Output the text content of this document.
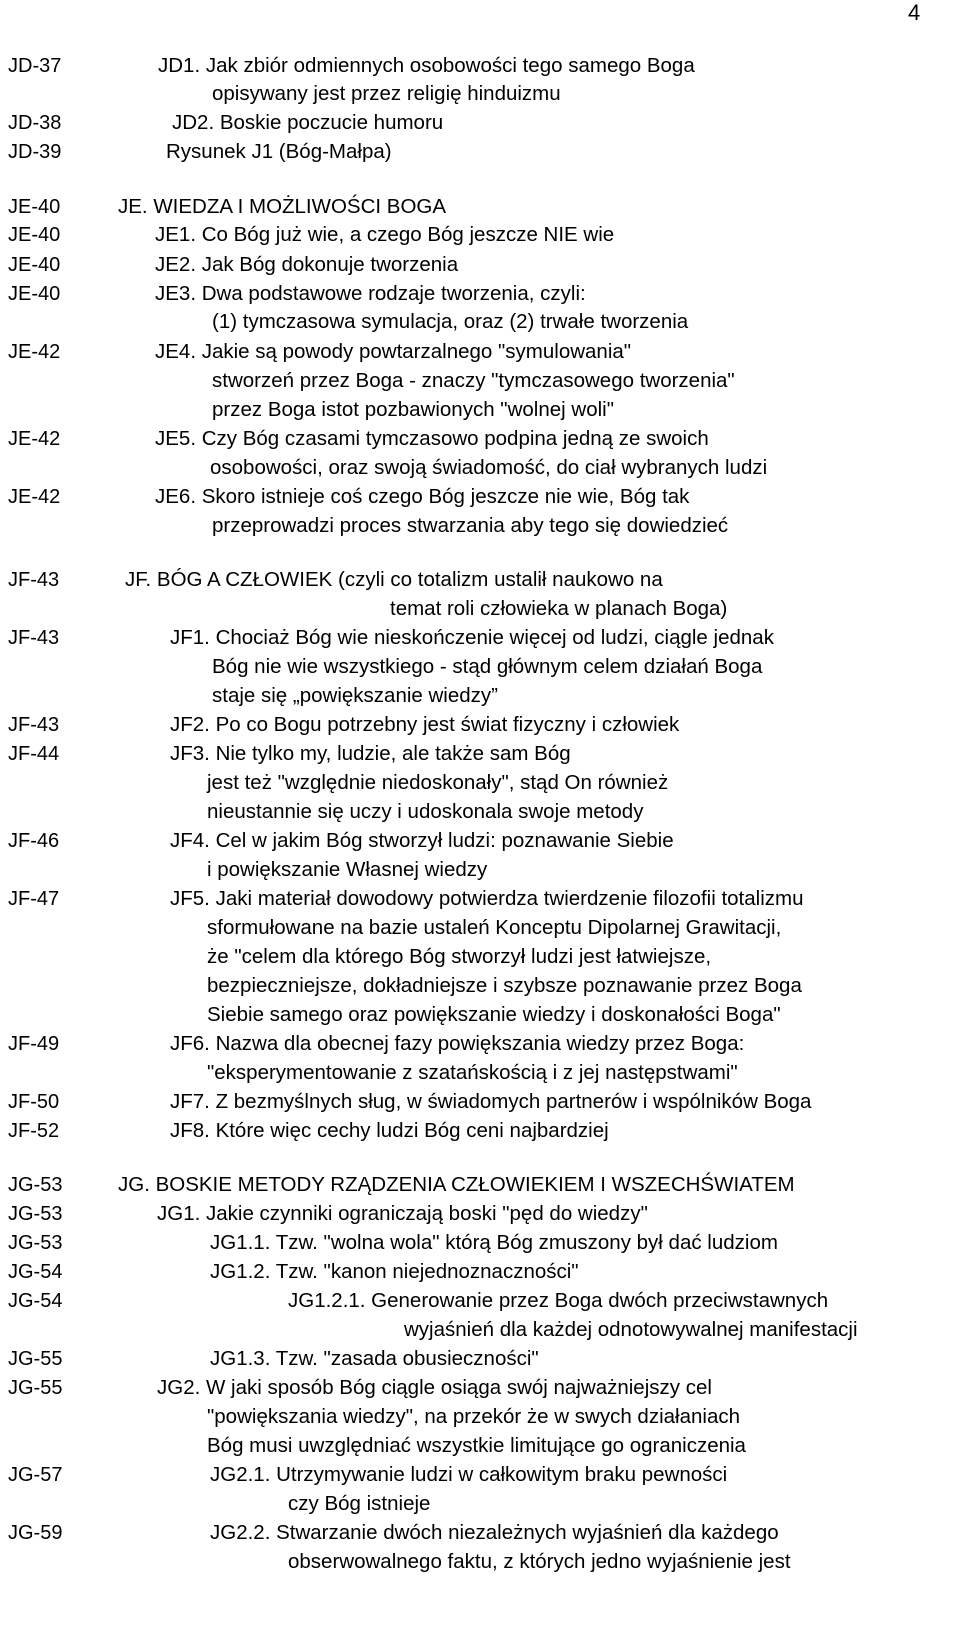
4
JD-37	JD1. Jak zbiór odmiennych osobowości tego samego Boga
opisywany jest przez religię hinduizmu
JD-38	JD2. Boskie poczucie humoru
JD-39	Rysunek J1 (Bóg-Małpa)
JE-40	JE. WIEDZA I MOŻLIWOŚCI BOGA
JE-40	JE1. Co Bóg już wie, a czego Bóg jeszcze NIE wie
JE-40	JE2. Jak Bóg dokonuje tworzenia
JE-40	JE3. Dwa podstawowe rodzaje tworzenia, czyli:
(1) tymczasowa symulacja, oraz (2) trwałe tworzenia
JE-42	JE4. Jakie są powody powtarzalnego "symulowania"
stworzeń przez Boga - znaczy "tymczasowego tworzenia"
przez Boga istot pozbawionych "wolnej woli"
JE-42	JE5. Czy Bóg czasami tymczasowo podpina jedną ze swoich
osobowości, oraz swoją świadomość, do ciał wybranych ludzi
JE-42	JE6. Skoro istnieje coś czego Bóg jeszcze nie wie, Bóg tak
przeprowadzi proces stwarzania aby tego się dowiedzieć
JF-43	JF. BÓG A CZŁOWIEK (czyli co totalizm ustalił naukowo na
temat roli człowieka w planach Boga)
JF-43	JF1. Chociaż Bóg wie nieskończenie więcej od ludzi, ciągle jednak
Bóg nie wie wszystkiego - stąd głównym celem działań Boga
staje się „powiększanie wiedzy”
JF-43	JF2. Po co Bogu potrzebny jest świat fizyczny i człowiek
JF-44	JF3. Nie tylko my, ludzie, ale także sam Bóg
jest też "względnie niedoskonały", stąd On również
nieustannie się uczy i udoskonala swoje metody
JF-46	JF4. Cel w jakim Bóg stworzył ludzi: poznawanie Siebie
i powiększanie Własnej wiedzy
JF-47	JF5. Jaki materiał dowodowy potwierdza twierdzenie filozofii totalizmu
sformułowane na bazie ustaleń Konceptu Dipolarnej Grawitacji,
że "celem dla którego Bóg stworzył ludzi jest łatwiejsze,
bezpieczniejsze, dokładniejsze i szybsze poznawanie przez Boga
Siebie samego oraz powiększanie wiedzy i doskonałości Boga"
JF-49	JF6. Nazwa dla obecnej fazy powiększania wiedzy przez Boga:
"eksperymentowanie z szatańskością i z jej następstwami"
JF-50	JF7. Z bezmyślnych sług, w świadomych partnerów i wspólników Boga
JF-52	JF8. Które więc cechy ludzi Bóg ceni najbardziej
JG-53	JG. BOSKIE METODY RZĄDZENIA CZŁOWIEKIEM I WSZECHŚWIATEM
JG-53	JG1. Jakie czynniki ograniczają boski "pęd do wiedzy"
JG-53	JG1.1. Tzw. "wolna wola" którą Bóg zmuszony był dać ludziom
JG-54	JG1.2. Tzw. "kanon niejednoznaczności"
JG-54	JG1.2.1. Generowanie przez Boga dwóch przeciwstawnych
wyjaśnień dla każdej odnotowywalnej manifestacji
JG-55	JG1.3. Tzw. "zasada obusieczności"
JG-55	JG2. W jaki sposób Bóg ciągle osiąga swój najważniejszy cel
"powiększania wiedzy", na przekór że w swych działaniach
Bóg musi uwzględniać wszystkie limitujące go ograniczenia
JG-57	JG2.1. Utrzymywanie ludzi w całkowitym braku pewności
czy Bóg istnieje
JG-59	JG2.2. Stwarzanie dwóch niezależnych wyjaśnień dla każdego
obserwowalnego faktu, z których jedno wyjaśnienie jest
